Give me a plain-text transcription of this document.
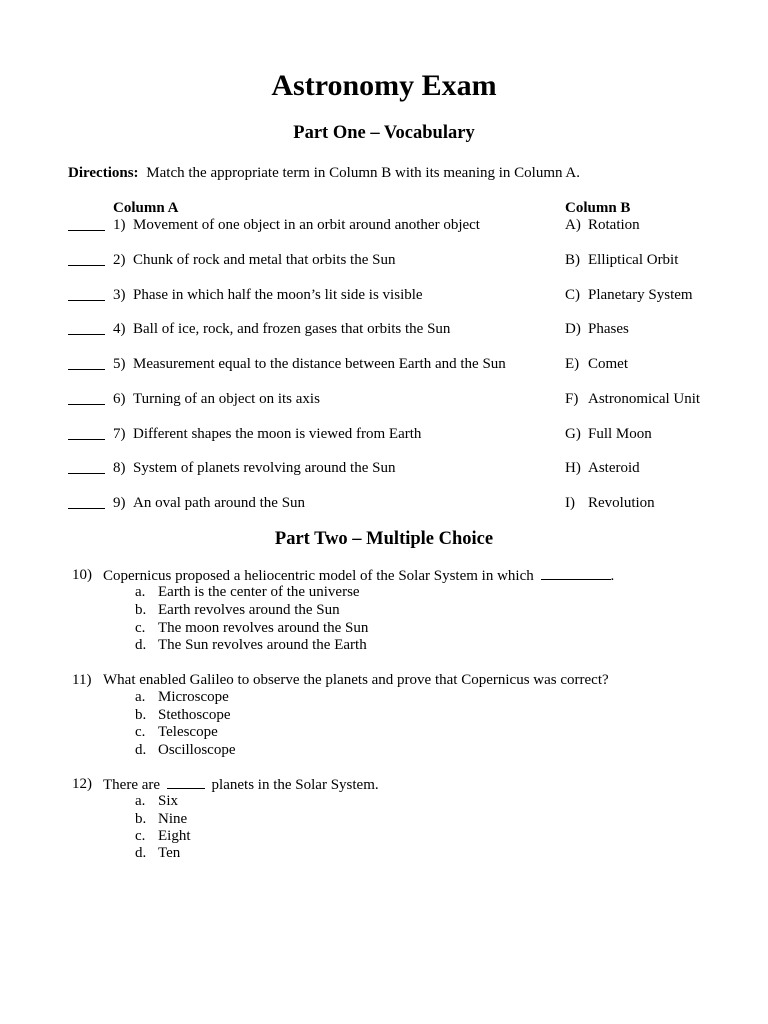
Astronomy Exam
Part One – Vocabulary
Directions: Match the appropriate term in Column B with its meaning in Column A.
Column A	Column B
1) Movement of one object in an orbit around another object	A) Rotation
2) Chunk of rock and metal that orbits the Sun	B) Elliptical Orbit
3) Phase in which half the moon’s lit side is visible	C) Planetary System
4) Ball of ice, rock, and frozen gases that orbits the Sun	D) Phases
5) Measurement equal to the distance between Earth and the Sun	E) Comet
6) Turning of an object on its axis	F) Astronomical Unit
7) Different shapes the moon is viewed from Earth	G) Full Moon
8) System of planets revolving around the Sun	H) Asteroid
9) An oval path around the Sun	I) Revolution
Part Two – Multiple Choice
10) Copernicus proposed a heliocentric model of the Solar System in which	.
a. Earth is the center of the universe
b. Earth revolves around the Sun
c. The moon revolves around the Sun
d. The Sun revolves around the Earth
11) What enabled Galileo to observe the planets and prove that Copernicus was correct?
a. Microscope
b. Stethoscope
c. Telescope
d. Oscilloscope
12) There are	planets in the Solar System.
a. Six
b. Nine
c. Eight
d. Ten
